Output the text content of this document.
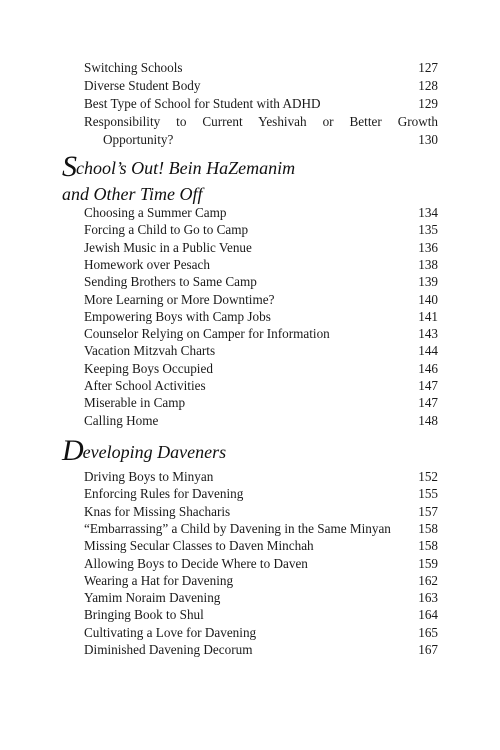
Switching Schools	127
Diverse Student Body	128
Best Type of School for Student with ADHD	129
Responsibility to Current Yeshivah or Better Growth
Opportunity?	130
School’s Out! Bein HaZemanim
and Other Time Off
Choosing a Summer Camp	134
Forcing a Child to Go to Camp	135
Jewish Music in a Public Venue	136
Homework over Pesach	138
Sending Brothers to Same Camp	139
More Learning or More Downtime?	140
Empowering Boys with Camp Jobs	141
Counselor Relying on Camper for Information	143
Vacation Mitzvah Charts	144
Keeping Boys Occupied	146
After School Activities	147
Miserable in Camp	147
Calling Home	148
Developing Daveners
Driving Boys to Minyan	152
Enforcing Rules for Davening	155
Knas for Missing Shacharis	157
“Embarrassing” a Child by Davening in the Same Minyan 158
Missing Secular Classes to Daven Minchah	158
Allowing Boys to Decide Where to Daven	159
Wearing a Hat for Davening	162
Yamim Noraim Davening	163
Bringing Book to Shul	164
Cultivating a Love for Davening	165
Diminished Davening Decorum	167
